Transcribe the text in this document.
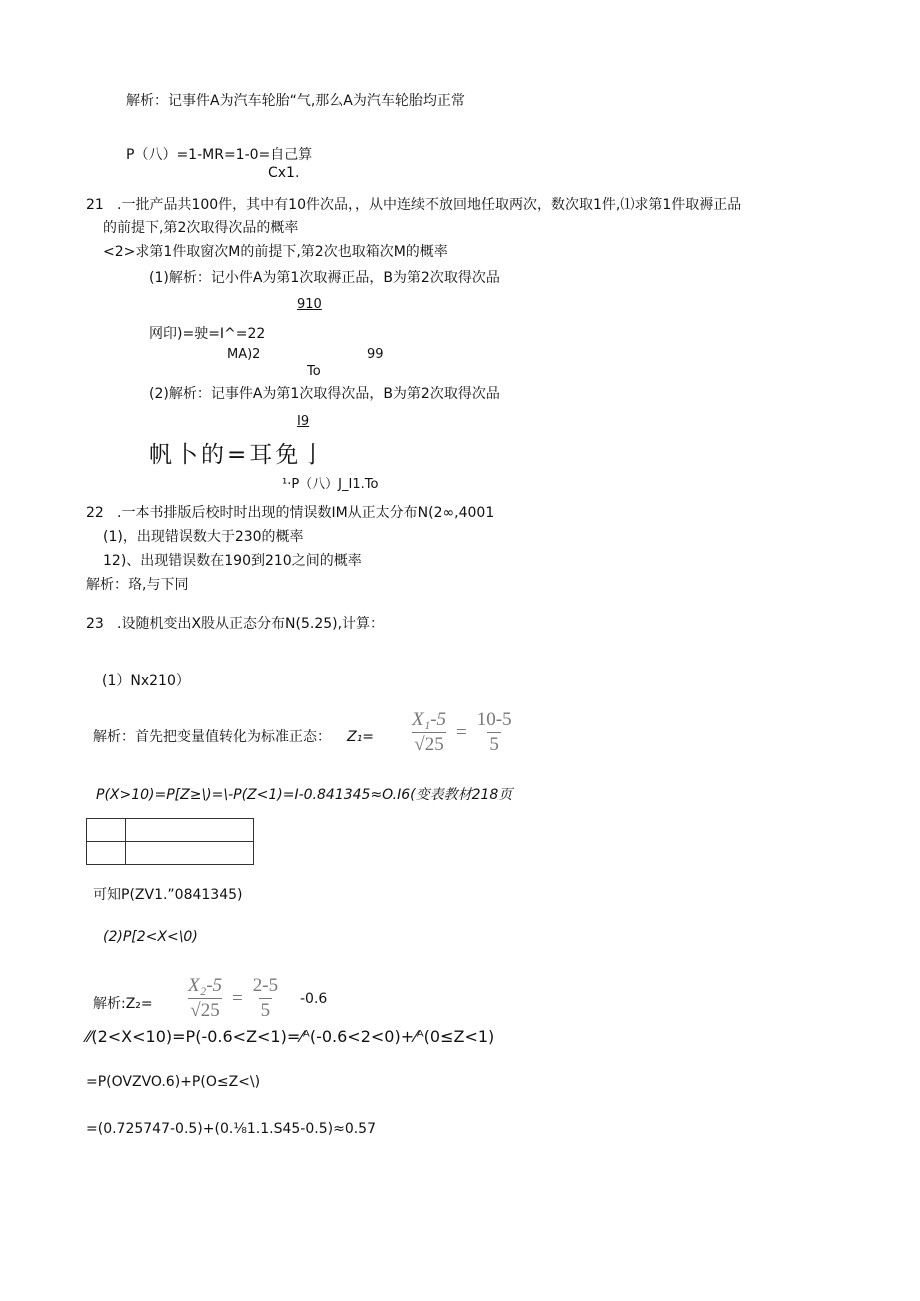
解析：记事件A为汽车轮胎“气,那么A为汽车轮胎均正常
P（八）=1-MR=1-0=自己算
Cx1.
21 .一批产品共100件，其中有10件次品，，从中连续不放回地任取两次，数次取1件,⑴求第1件取褥正品
的前提下,第2次取得次品的概率
<2>求第1件取窗次M的前提下,第2次也取箱次M的概率
(1)解析：记小件A为第1次取褥正品，B为第2次取得次品
910
网印)=驶=I^=22
MA)2	99
To
(2)解析：记事件A为第1次取得次品，B为第2次取得次品
I9
帆卜的=耳免亅
¹·P（八）J_I1.To
22 .一本书排版后校时时出现的情误数IM从正太分布N(2∞,4001
(1)，出现错误数大于230的概率
12)、出现错误数在190到210之间的概率
解析：珞,与下同
23 .设随机变出X股从正态分布N(5.25),计算：
(1）Nx210）
解析：首先把变量值转化为标准正态： $Z_1= \frac{\text{X₁-5}}{√25} = \frac{10-5}{5}$
P(X>10)=P[Z≥\)=\-P(Z<1)=I-0.841345≈O.I6(变表教材218页

可知P(ZV1.”0841345)
(2)P[2<X<\0)
解析:Z₂= $\frac{\text{X₂-5}}{√25} = \frac{2-5}{5} -0.6$
⁄⁄(2<X<10)=P(-0.6<Z<1)=⁄ᴬ(-0.6<2<0)+⁄ᴬ(0≤Z<1)
=P(OVZVO.6)+P(O≤Z<\)
=(0.725747-0.5)+(0.⅛1.1.S45-0.5)≈0.57
